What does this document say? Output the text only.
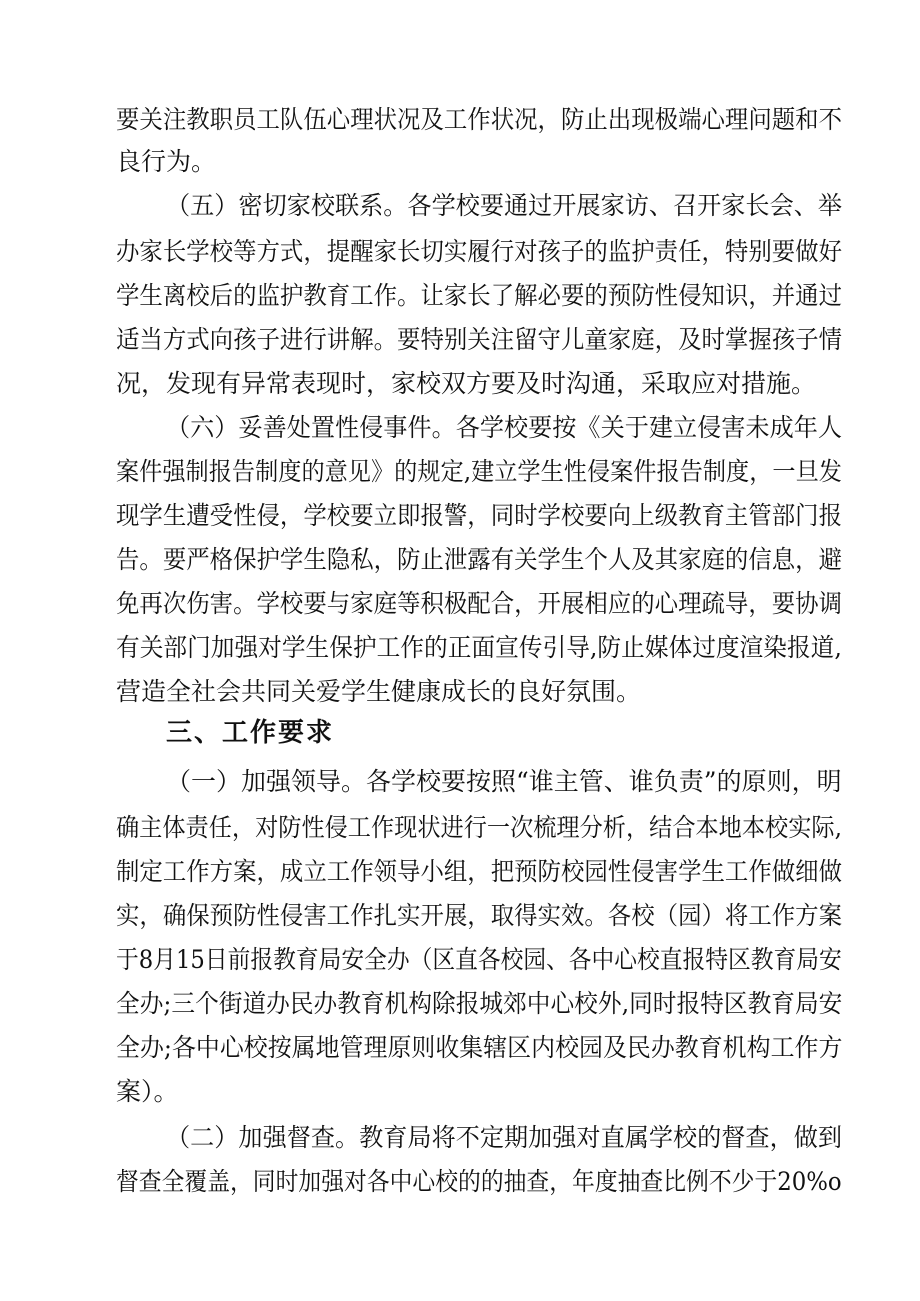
要关注教职员工队伍心理状况及工作状况，防止出现极端心理问题和不
良行为。
（五）密切家校联系。各学校要通过开展家访、召开家长会、举
办家长学校等方式，提醒家长切实履行对孩子的监护责任，特别要做好
学生离校后的监护教育工作。让家长了解必要的预防性侵知识，并通过
适当方式向孩子进行讲解。要特别关注留守儿童家庭，及时掌握孩子情
况，发现有异常表现时，家校双方要及时沟通，采取应对措施。
（六）妥善处置性侵事件。各学校要按《关于建立侵害未成年人
案件强制报告制度的意见》的规定,建立学生性侵案件报告制度，一旦发
现学生遭受性侵，学校要立即报警，同时学校要向上级教育主管部门报
告。要严格保护学生隐私，防止泄露有关学生个人及其家庭的信息，避
免再次伤害。学校要与家庭等积极配合，开展相应的心理疏导，要协调
有关部门加强对学生保护工作的正面宣传引导,防止媒体过度渲染报道,
营造全社会共同关爱学生健康成长的良好氛围。
三、工作要求
（一）加强领导。各学校要按照“谁主管、谁负责”的原则，明
确主体责任，对防性侵工作现状进行一次梳理分析，结合本地本校实际,
制定工作方案，成立工作领导小组，把预防校园性侵害学生工作做细做
实，确保预防性侵害工作扎实开展，取得实效。各校（园）将工作方案
于8月15日前报教育局安全办（区直各校园、各中心校直报特区教育局安
全办;三个街道办民办教育机构除报城郊中心校外,同时报特区教育局安
全办;各中心校按属地管理原则收集辖区内校园及民办教育机构工作方
案）。
（二）加强督查。教育局将不定期加强对直属学校的督查，做到
督查全覆盖，同时加强对各中心校的的抽查，年度抽查比例不少于20%o
